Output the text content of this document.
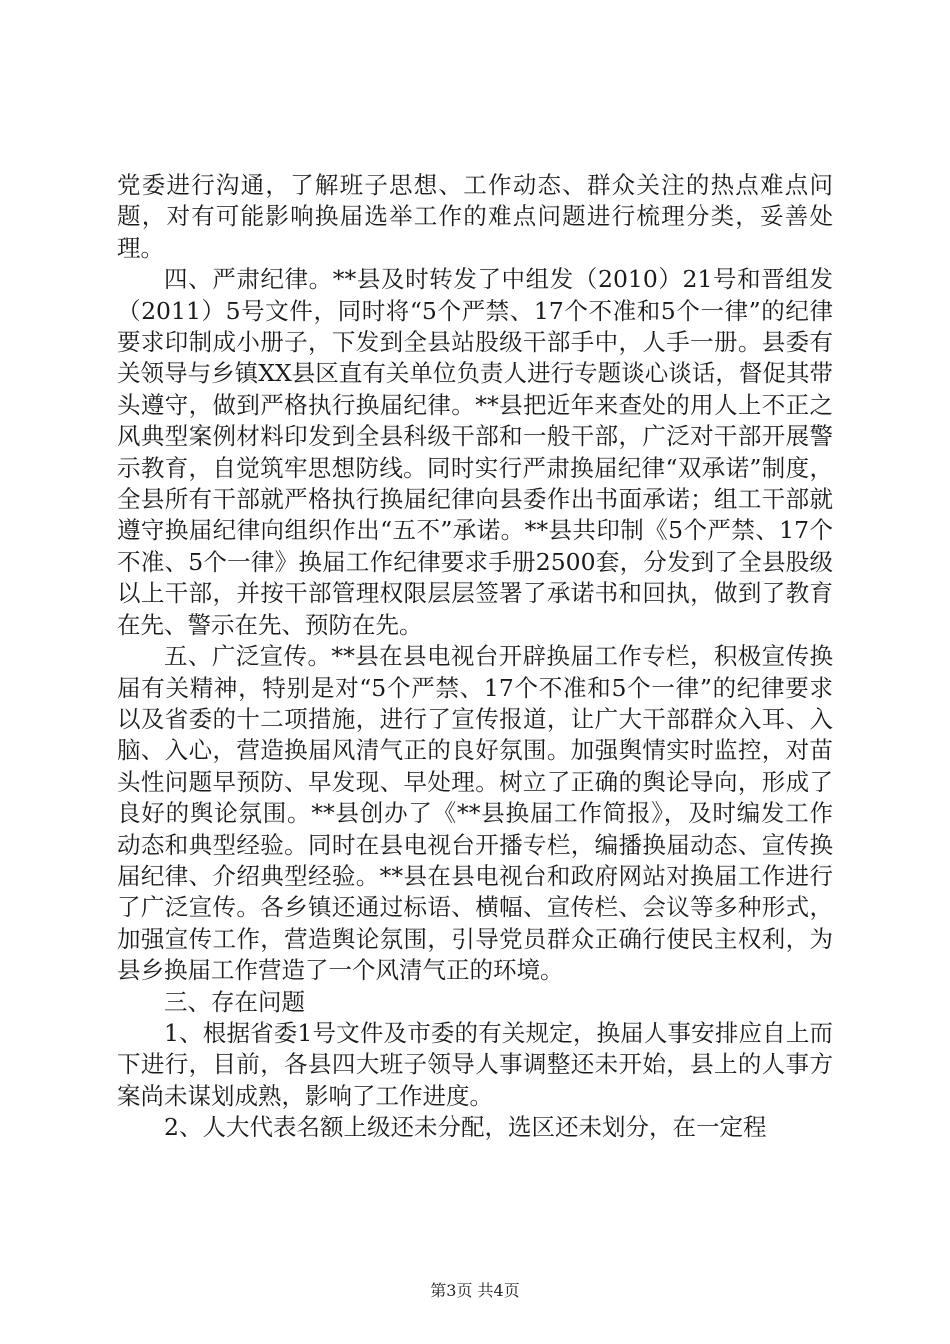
党委进行沟通，了解班子思想、工作动态、群众关注的热点难点问题，对有可能影响换届选举工作的难点问题进行梳理分类，妥善处理。

四、严肃纪律。**县及时转发了中组发（2010）21号和晋组发（2011）5号文件，同时将“5个严禁、17个不准和5个一律”的纪律要求印制成小册子，下发到全县站股级干部手中，人手一册。县委有关领导与乡镇XX县区直有关单位负责人进行专题谈心谈话，督促其带头遵守，做到严格执行换届纪律。**县把近年来查处的用人上不正之风典型案例材料印发到全县科级干部和一般干部，广泛对干部开展警示教育，自觉筑牢思想防线。同时实行严肃换届纪律“双承诺”制度，全县所有干部就严格执行换届纪律向县委作出书面承诺；组工干部就遵守换届纪律向组织作出“五不”承诺。**县共印制《5个严禁、17个不准、5个一律》换届工作纪律要求手册2500套，分发到了全县股级以上干部，并按干部管理权限层层签署了承诺书和回执，做到了教育在先、警示在先、预防在先。

五、广泛宣传。**县在县电视台开辟换届工作专栏，积极宣传换届有关精神，特别是对“5个严禁、17个不准和5个一律”的纪律要求以及省委的十二项措施，进行了宣传报道，让广大干部群众入耳、入脑、入心，营造换届风清气正的良好氛围。加强舆情实时监控，对苗头性问题早预防、早发现、早处理。树立了正确的舆论导向，形成了良好的舆论氛围。**县创办了《**县换届工作简报》，及时编发工作动态和典型经验。同时在县电视台开播专栏，编播换届动态、宣传换届纪律、介绍典型经验。**县在县电视台和政府网站对换届工作进行了广泛宣传。各乡镇还通过标语、横幅、宣传栏、会议等多种形式，加强宣传工作，营造舆论氛围，引导党员群众正确行使民主权利，为县乡换届工作营造了一个风清气正的环境。

三、存在问题

1、根据省委1号文件及市委的有关规定，换届人事安排应自上而下进行，目前，各县四大班子领导人事调整还未开始，县上的人事方案尚未谋划成熟，影响了工作进度。

2、人大代表名额上级还未分配，选区还未划分，在一定程

第3页 共4页
